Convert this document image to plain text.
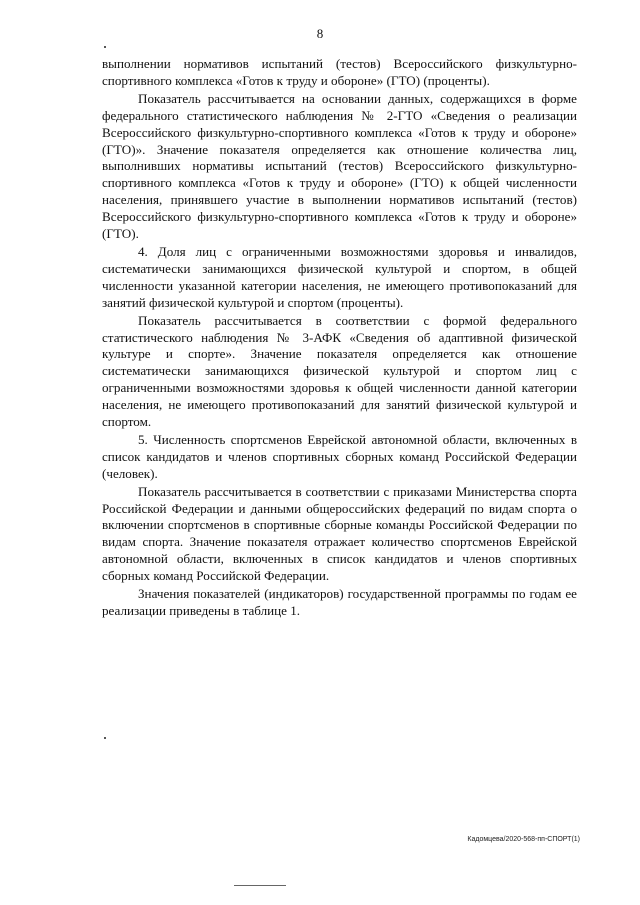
8

выполнении нормативов испытаний (тестов) Всероссийского физкультурно-спортивного комплекса «Готов к труду и обороне» (ГТО) (проценты).

Показатель рассчитывается на основании данных, содержащихся в форме федерального статистического наблюдения № 2-ГТО «Сведения о реализации Всероссийского физкультурно-спортивного комплекса «Готов к труду и обороне» (ГТО)». Значение показателя определяется как отношение количества лиц, выполнивших нормативы испытаний (тестов) Всероссийского физкультурно-спортивного комплекса «Готов к труду и обороне» (ГТО) к общей численности населения, принявшего участие в выполнении нормативов испытаний (тестов) Всероссийского физкультурно-спортивного комплекса «Готов к труду и обороне» (ГТО).

4. Доля лиц с ограниченными возможностями здоровья и инвалидов, систематически занимающихся физической культурой и спортом, в общей численности указанной категории населения, не имеющего противопоказаний для занятий физической культурой и спортом (проценты).

Показатель рассчитывается в соответствии с формой федерального статистического наблюдения № 3-АФК «Сведения об адаптивной физической культуре и спорте». Значение показателя определяется как отношение систематически занимающихся физической культурой и спортом лиц с ограниченными возможностями здоровья к общей численности данной категории населения, не имеющего противопоказаний для занятий физической культурой и спортом.

5. Численность спортсменов Еврейской автономной области, включенных в список кандидатов и членов спортивных сборных команд Российской Федерации (человек).

Показатель рассчитывается в соответствии с приказами Министерства спорта Российской Федерации и данными общероссийских федераций по видам спорта о включении спортсменов в спортивные сборные команды Российской Федерации по видам спорта. Значение показателя отражает количество спортсменов Еврейской автономной области, включенных в список кандидатов и членов спортивных сборных команд Российской Федерации.

Значения показателей (индикаторов) государственной программы по годам ее реализации приведены в таблице 1.

Кадомцева/2020-568-пп-СПОРТ(1)
